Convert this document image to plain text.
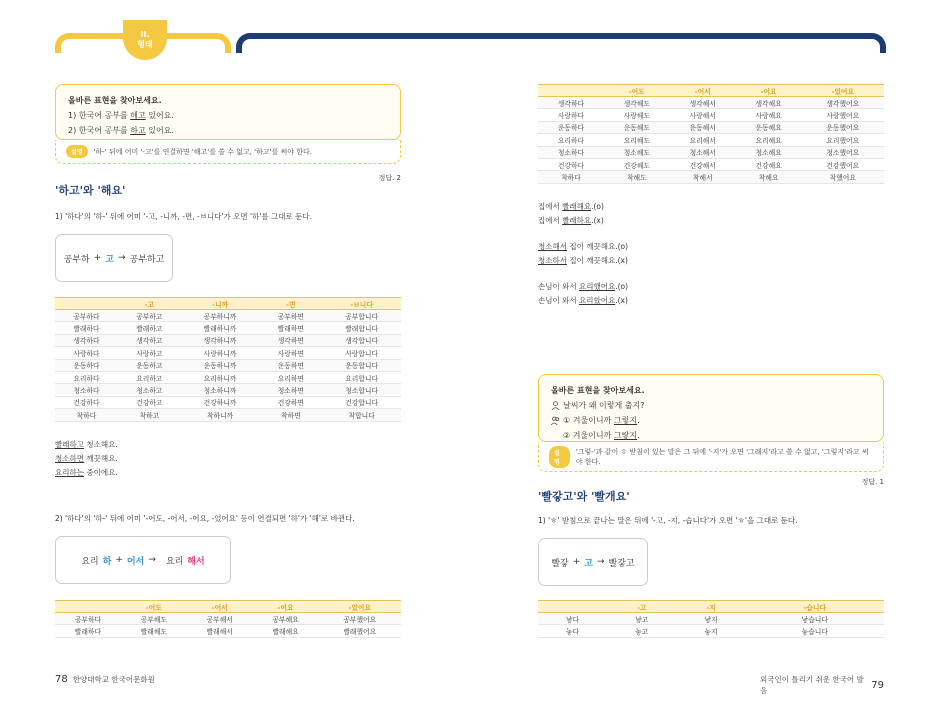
II.
형태
올바른 표현을 찾아보세요.
1) 한국어 공부를 해고 있어요.
2) 한국어 공부를 하고 있어요.
설명	'하-' 뒤에 어미 '-고'를 연결하면 '해고'를 쓸 수 없고, '하고'를 써야 한다.
정답. 2
'하고'와 '해요'
1) '하다'의 '하-' 뒤에 어미 '-고, -니까, -면, -ㅂ니다'가 오면 '하'를 그대로 둔다.
공부하 + 고 → 공부하고
	-고	-니까	-면	-ㅂ니다
공부하다	공부하고	공부하니까	공부하면	공부합니다
빨래하다	빨래하고	빨래하니까	빨래하면	빨래합니다
생각하다	생각하고	생각하니까	생각하면	생각합니다
사랑하다	사랑하고	사랑하니까	사랑하면	사랑합니다
운동하다	운동하고	운동하니까	운동하면	운동합니다
요리하다	요리하고	요리하니까	요리하면	요리합니다
청소하다	청소하고	청소하니까	청소하면	청소합니다
건강하다	건강하고	건강하니까	건강하면	건강합니다
착하다	착하고	착하니까	착하면	착합니다
빨래하고 청소해요.
청소하면 깨끗해요.
요리하는 중이에요.
2) '하다'의 '하-' 뒤에 어미 '-어도, -어서, -어요, -었어요' 등이 연결되면 '하'가 '해'로 바뀐다.
요리 하 + 어서 → 요리 해서
	-어도	-어서	-어요	-었어요
공부하다	공부해도	공부해서	공부해요	공부했어요
빨래하다	빨래해도	빨래해서	빨래해요	빨래했어요
78 한양대학교 한국어문화원
	-어도	-어서	-어요	-었어요
생각하다	생각해도	생각해서	생각해요	생각했어요
사랑하다	사랑해도	사랑해서	사랑해요	사랑했어요
운동하다	운동해도	운동해서	운동해요	운동했어요
요리하다	요리해도	요리해서	요리해요	요리했어요
청소하다	청소해도	청소해서	청소해요	청소했어요
건강하다	건강해도	건강해서	건강해요	건강했어요
착하다	착해도	착해서	착해요	착했어요
집에서 빨래해요.(o)
집에서 빨래하요.(x)
청소해서 집이 깨끗해요.(o)
청소하서 집이 깨끗해요.(x)
손님이 와서 요리했어요.(o)
손님이 와서 요리핬어요.(x)
올바른 표현을 찾아보세요.
날씨가 왜 이렇게 춥지?
① 겨울이니까 그렇지.
② 겨울이니까 그랗지.
설명
'그렇-'과 같이 ㅎ 받침이 있는 말은 그 뒤에 '-지'가 오면 '그래지'라고 쓸 수 없고, '그렇지'라고 써야 한다.
정답. 1
'빨갛고'와 '빨개요'
1) 'ㅎ' 받침으로 끝나는 말은 뒤에 '-고, -지, -습니다'가 오면 'ㅎ'을 그대로 둔다.
빨갛 + 고 → 빨갛고
	-고	-지	-습니다
낳다	낳고	낳지	낳습니다
놓다	놓고	놓지	놓습니다
외국인이 틀리기 쉬운 한국어 발음	79
